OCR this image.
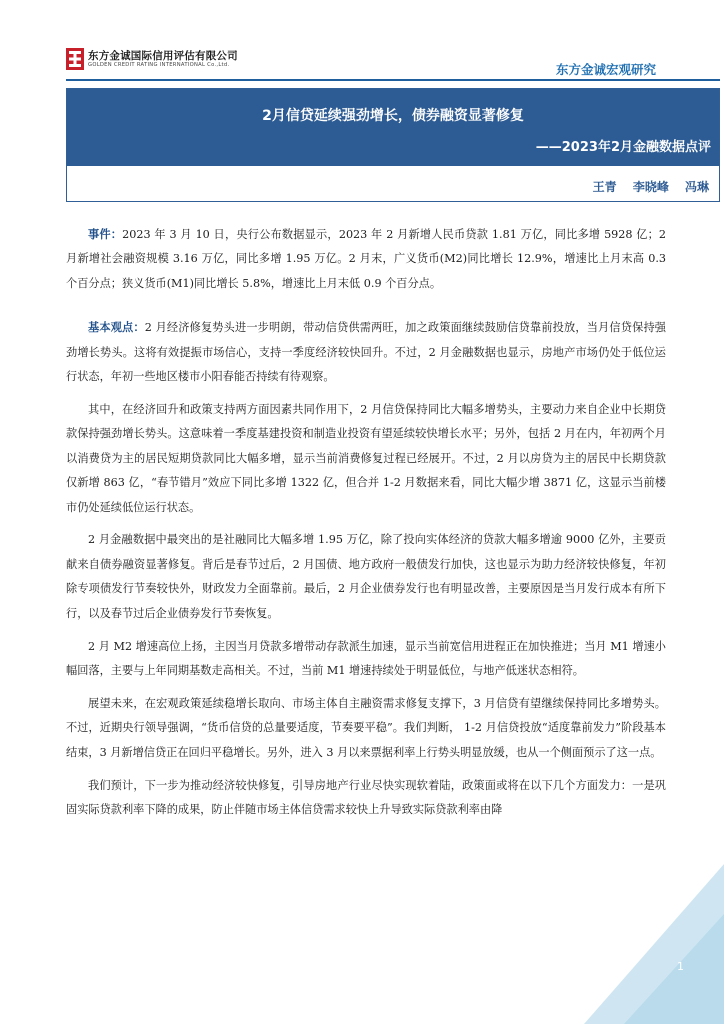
东方金诚国际信用评估有限公司
GOLDEN CREDIT RATING INTERNATIONAL Co.,Ltd.	东方金诚宏观研究
2月信贷延续强劲增长，债券融资显著修复
——2023年2月金融数据点评
王青 李晓峰 冯琳

事件：2023 年 3 月 10 日，央行公布数据显示，2023 年 2 月新增人民币贷款 1.81 万亿，同比多增 5928 亿；2 月新增社会融资规模 3.16 万亿，同比多增 1.95 万亿。2 月末，广义货币(M2)同比增长 12.9%，增速比上月末高 0.3 个百分点；狭义货币(M1)同比增长 5.8%，增速比上月末低 0.9 个百分点。

基本观点：2 月经济修复势头进一步明朗，带动信贷供需两旺，加之政策面继续鼓励信贷靠前投放，当月信贷保持强劲增长势头。这将有效提振市场信心，支持一季度经济较快回升。不过，2 月金融数据也显示，房地产市场仍处于低位运行状态，年初一些地区楼市小阳春能否持续有待观察。

其中，在经济回升和政策支持两方面因素共同作用下，2 月信贷保持同比大幅多增势头，主要动力来自企业中长期贷款保持强劲增长势头。这意味着一季度基建投资和制造业投资有望延续较快增长水平；另外，包括 2 月在内，年初两个月以消费贷为主的居民短期贷款同比大幅多增，显示当前消费修复过程已经展开。不过，2 月以房贷为主的居民中长期贷款仅新增 863 亿，“春节错月”效应下同比多增 1322 亿，但合并 1-2 月数据来看，同比大幅少增 3871 亿，这显示当前楼市仍处延续低位运行状态。

2 月金融数据中最突出的是社融同比大幅多增 1.95 万亿，除了投向实体经济的贷款大幅多增逾 9000 亿外，主要贡献来自债券融资显著修复。背后是春节过后，2 月国债、地方政府一般债发行加快，这也显示为助力经济较快修复，年初除专项债发行节奏较快外，财政发力全面靠前。最后，2 月企业债券发行也有明显改善，主要原因是当月发行成本有所下行，以及春节过后企业债券发行节奏恢复。

2 月 M2 增速高位上扬，主因当月贷款多增带动存款派生加速，显示当前宽信用进程正在加快推进；当月 M1 增速小幅回落，主要与上年同期基数走高相关。不过，当前 M1 增速持续处于明显低位，与地产低迷状态相符。

展望未来，在宏观政策延续稳增长取向、市场主体自主融资需求修复支撑下，3 月信贷有望继续保持同比多增势头。不过，近期央行领导强调，“货币信贷的总量要适度，节奏要平稳”。我们判断， 1-2 月信贷投放“适度靠前发力”阶段基本结束，3 月新增信贷正在回归平稳增长。另外，进入 3 月以来票据利率上行势头明显放缓，也从一个侧面预示了这一点。

我们预计，下一步为推动经济较快修复，引导房地产行业尽快实现软着陆，政策面或将在以下几个方面发力：一是巩固实际贷款利率下降的成果，防止伴随市场主体信贷需求较快上升导致实际贷款利率由降

1
